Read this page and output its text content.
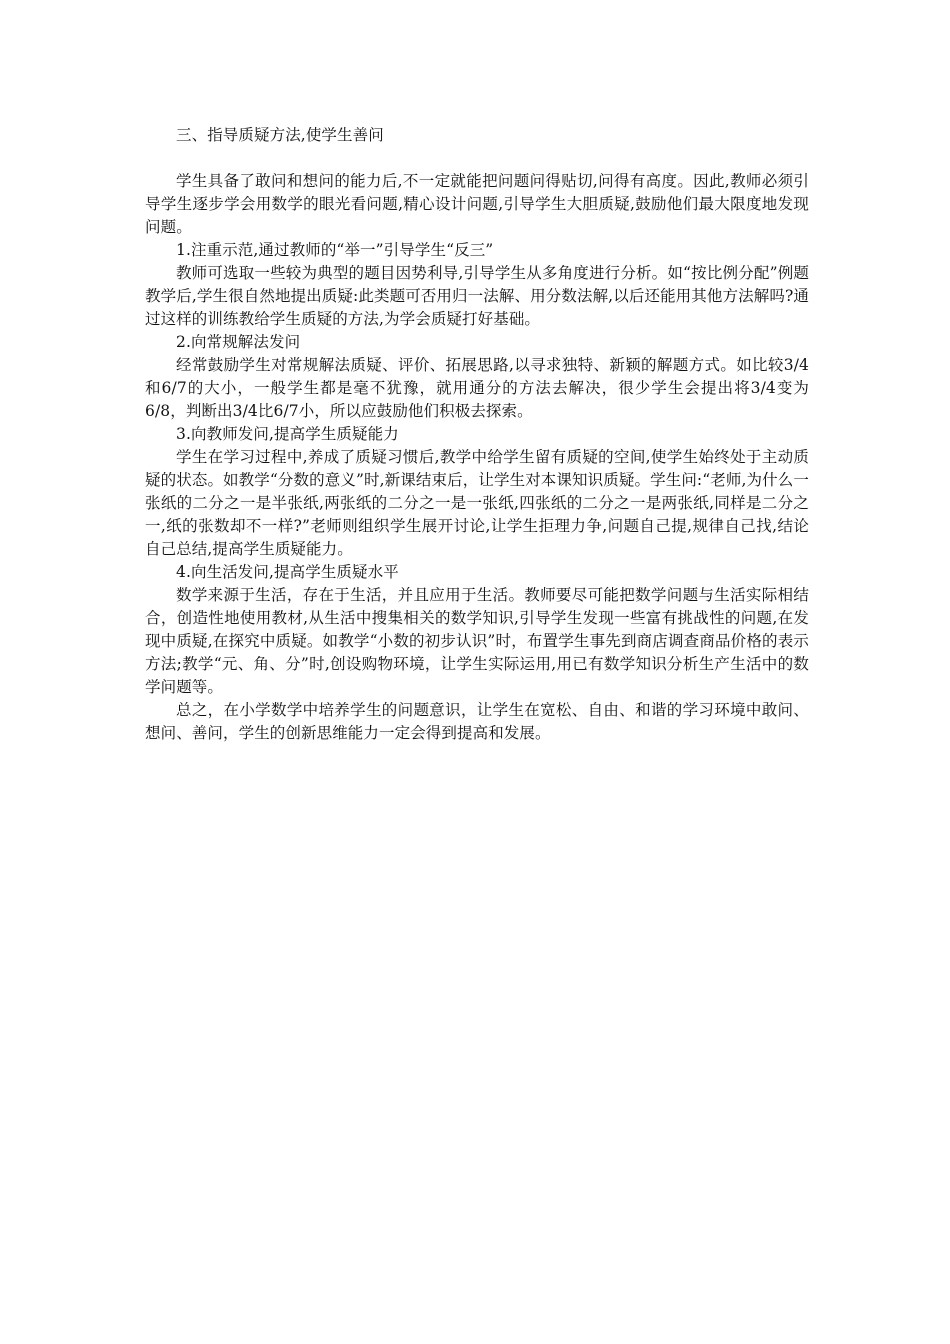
三、指导质疑方法,使学生善问

学生具备了敢问和想问的能力后,不一定就能把问题问得贴切,问得有高度。因此,教师必须引导学生逐步学会用数学的眼光看问题,精心设计问题,引导学生大胆质疑,鼓励他们最大限度地发现问题。

1.注重示范,通过教师的“举一”引导学生“反三”

教师可选取一些较为典型的题目因势利导,引导学生从多角度进行分析。如“按比例分配”例题教学后,学生很自然地提出质疑:此类题可否用归一法解、用分数法解,以后还能用其他方法解吗?通过这样的训练教给学生质疑的方法,为学会质疑打好基础。

2.向常规解法发问

经常鼓励学生对常规解法质疑、评价、拓展思路,以寻求独特、新颖的解题方式。如比较3/4和6/7的大小，一般学生都是毫不犹豫，就用通分的方法去解决，很少学生会提出将3/4变为6/8，判断出3/4比6/7小，所以应鼓励他们积极去探索。

3.向教师发问,提高学生质疑能力

学生在学习过程中,养成了质疑习惯后,教学中给学生留有质疑的空间,使学生始终处于主动质疑的状态。如教学“分数的意义”时,新课结束后，让学生对本课知识质疑。学生问:“老师,为什么一张纸的二分之一是半张纸,两张纸的二分之一是一张纸,四张纸的二分之一是两张纸,同样是二分之一,纸的张数却不一样?”老师则组织学生展开讨论,让学生拒理力争,问题自己提,规律自己找,结论自己总结,提高学生质疑能力。

4.向生活发问,提高学生质疑水平

数学来源于生活，存在于生活，并且应用于生活。教师要尽可能把数学问题与生活实际相结合，创造性地使用教材,从生活中搜集相关的数学知识,引导学生发现一些富有挑战性的问题,在发现中质疑,在探究中质疑。如教学“小数的初步认识”时，布置学生事先到商店调查商品价格的表示方法;教学“元、角、分”时,创设购物环境，让学生实际运用,用已有数学知识分析生产生活中的数学问题等。

总之，在小学数学中培养学生的问题意识，让学生在宽松、自由、和谐的学习环境中敢问、想问、善问，学生的创新思维能力一定会得到提高和发展。
